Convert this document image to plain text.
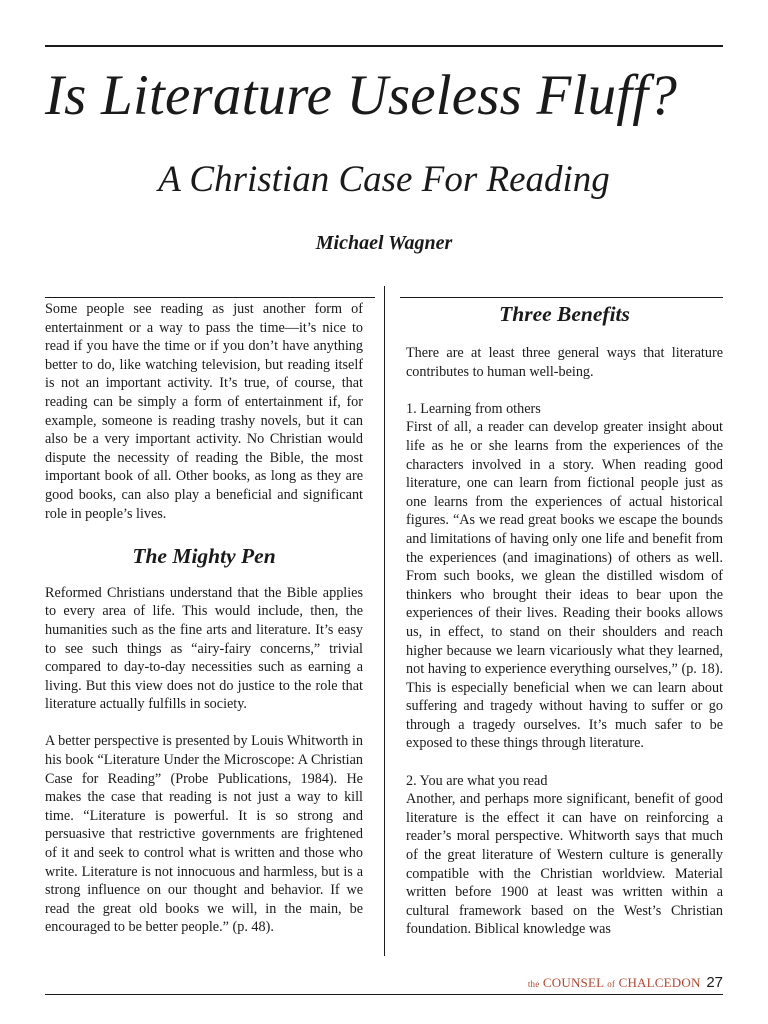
Is Literature Useless Fluff?
A Christian Case For Reading
Michael Wagner

Some people see reading as just another form of entertainment or a way to pass the time—it’s nice to read if you have the time or if you don’t have anything better to do, like watching television, but reading itself is not an important activity. It’s true, of course, that reading can be simply a form of entertainment if, for example, someone is reading trashy novels, but it can also be a very important activity. No Christian would dispute the necessity of reading the Bible, the most important book of all. Other books, as long as they are good books, can also play a beneficial and significant role in people’s lives.

The Mighty Pen

Reformed Christians understand that the Bible applies to every area of life. This would include, then, the humanities such as the fine arts and literature. It’s easy to see such things as “airy-fairy concerns,” trivial compared to day-to-day necessities such as earning a living. But this view does not do justice to the role that literature actually fulfills in society.

A better perspective is presented by Louis Whitworth in his book “Literature Under the Microscope: A Christian Case for Reading” (Probe Publications, 1984). He makes the case that reading is not just a way to kill time. “Literature is powerful. It is so strong and persuasive that restrictive governments are frightened of it and seek to control what is written and those who write. Literature is not innocuous and harmless, but is a strong influence on our thought and behavior. If we read the great old books we will, in the main, be encouraged to be better people.” (p. 48).

Three Benefits

There are at least three general ways that literature contributes to human well-being.

1. Learning from others

First of all, a reader can develop greater insight about life as he or she learns from the experiences of the characters involved in a story. When reading good literature, one can learn from fictional people just as one learns from the experiences of actual historical figures. “As we read great books we escape the bounds and limitations of having only one life and benefit from the experiences (and imaginations) of others as well. From such books, we glean the distilled wisdom of thinkers who brought their ideas to bear upon the experiences of their lives. Reading their books allows us, in effect, to stand on their shoulders and reach higher because we learn vicariously what they learned, not having to experience everything ourselves,” (p. 18). This is especially beneficial when we can learn about suffering and tragedy without having to suffer or go through a tragedy ourselves. It’s much safer to be exposed to these things through literature.

2. You are what you read

Another, and perhaps more significant, benefit of good literature is the effect it can have on reinforcing a reader’s moral perspective. Whitworth says that much of the great literature of Western culture is generally compatible with the Christian worldview. Material written before 1900 at least was written within a cultural framework based on the West’s Christian foundation. Biblical knowledge was

the COUNSEL of CHALCEDON 27
